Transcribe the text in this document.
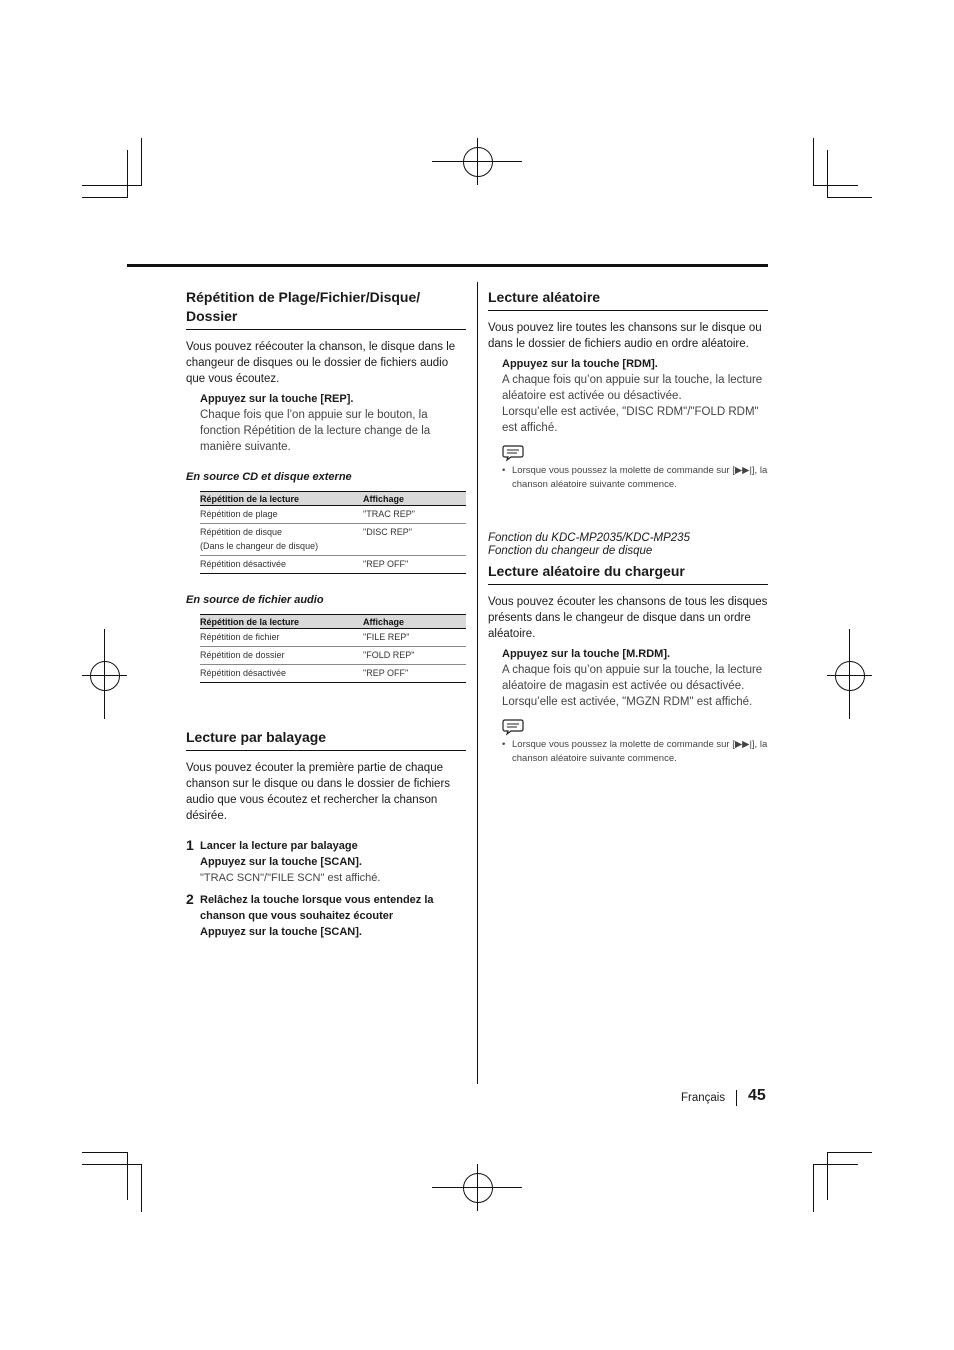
Répétition de Plage/Fichier/Disque/ Dossier

Vous pouvez réécouter la chanson, le disque dans le changeur de disques ou le dossier de fichiers audio que vous écoutez.

Appuyez sur la touche [REP].
Chaque fois que l’on appuie sur le bouton, la fonction Répétition de la lecture change de la manière suivante.
En source CD et disque externe
Répétition de la lecture	Affichage
Répétition de plage	"TRAC REP"
Répétition de disque
(Dans le changeur de disque)	"DISC REP"
Répétition désactivée	"REP OFF"
En source de fichier audio
Répétition de la lecture	Affichage
Répétition de fichier	"FILE REP"
Répétition de dossier	"FOLD REP"
Répétition désactivée	"REP OFF"
Lecture par balayage

Vous pouvez écouter la première partie de chaque chanson sur le disque ou dans le dossier de fichiers audio que vous écoutez et rechercher la chanson désirée.

1 Lancer la lecture par balayage
Appuyez sur la touche [SCAN].
"TRAC SCN"/"FILE SCN" est affiché.
2 Relâchez la touche lorsque vous entendez la chanson que vous souhaitez écouter
Appuyez sur la touche [SCAN].
Lecture aléatoire

Vous pouvez lire toutes les chansons sur le disque ou dans le dossier de fichiers audio en ordre aléatoire.

Appuyez sur la touche [RDM].
A chaque fois qu’on appuie sur la touche, la lecture aléatoire est activée ou désactivée.
Lorsqu’elle est activée, "DISC RDM"/"FOLD RDM" est affiché.
• Lorsque vous poussez la molette de commande sur [▶▶|], la chanson aléatoire suivante commence.
Fonction du KDC-MP2035/KDC-MP235
Fonction du changeur de disque
Lecture aléatoire du chargeur

Vous pouvez écouter les chansons de tous les disques présents dans le changeur de disque dans un ordre aléatoire.

Appuyez sur la touche [M.RDM].
A chaque fois qu’on appuie sur la touche, la lecture aléatoire de magasin est activée ou désactivée.
Lorsqu’elle est activée, "MGZN RDM" est affiché.
• Lorsque vous poussez la molette de commande sur [▶▶|], la chanson aléatoire suivante commence.
Français 45
